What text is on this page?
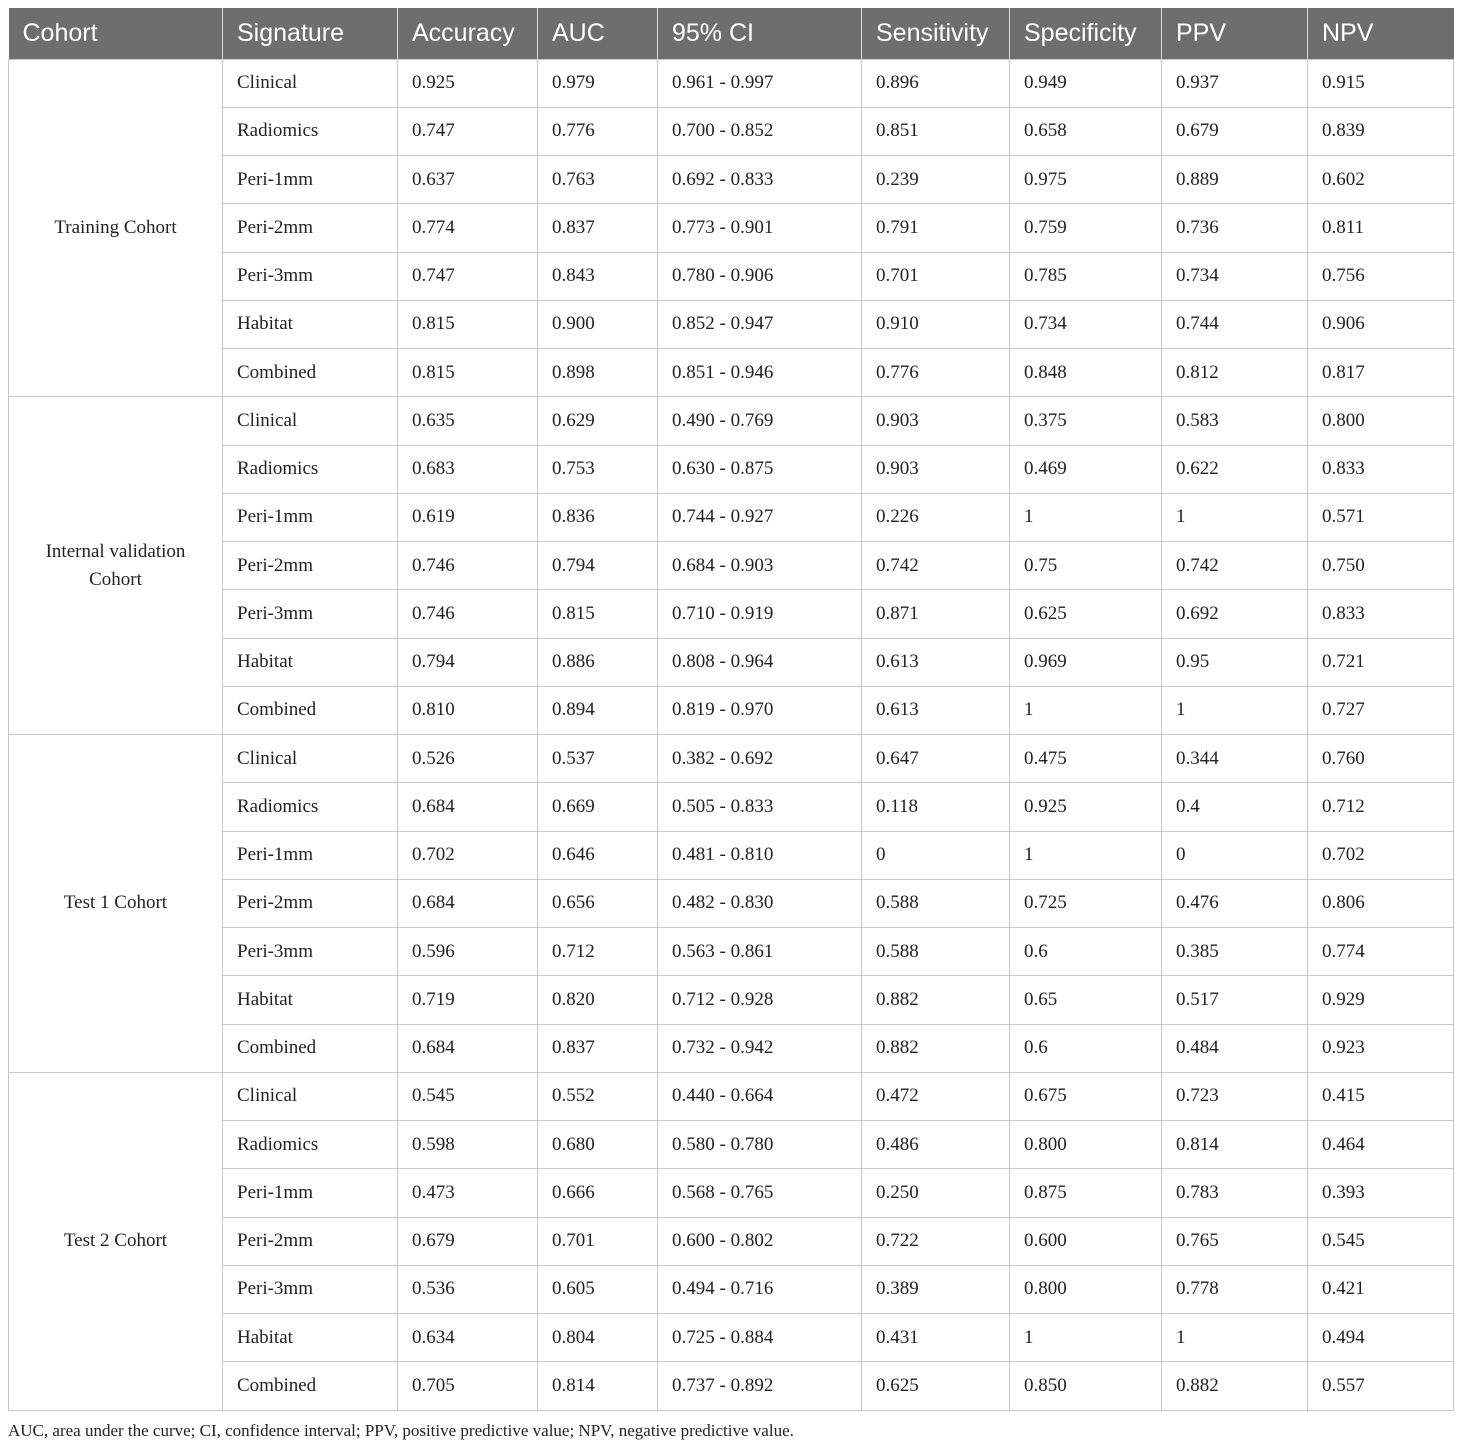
Cohort	Signature	Accuracy	AUC	95% CI	Sensitivity	Specificity	PPV	NPV
Training Cohort	Clinical	0.925	0.979	0.961 - 0.997	0.896	0.949	0.937	0.915
	Radiomics	0.747	0.776	0.700 - 0.852	0.851	0.658	0.679	0.839
	Peri-1mm	0.637	0.763	0.692 - 0.833	0.239	0.975	0.889	0.602
	Peri-2mm	0.774	0.837	0.773 - 0.901	0.791	0.759	0.736	0.811
	Peri-3mm	0.747	0.843	0.780 - 0.906	0.701	0.785	0.734	0.756
	Habitat	0.815	0.900	0.852 - 0.947	0.910	0.734	0.744	0.906
	Combined	0.815	0.898	0.851 - 0.946	0.776	0.848	0.812	0.817
Internal validation Cohort	Clinical	0.635	0.629	0.490 - 0.769	0.903	0.375	0.583	0.800
	Radiomics	0.683	0.753	0.630 - 0.875	0.903	0.469	0.622	0.833
	Peri-1mm	0.619	0.836	0.744 - 0.927	0.226	1	1	0.571
	Peri-2mm	0.746	0.794	0.684 - 0.903	0.742	0.75	0.742	0.750
	Peri-3mm	0.746	0.815	0.710 - 0.919	0.871	0.625	0.692	0.833
	Habitat	0.794	0.886	0.808 - 0.964	0.613	0.969	0.95	0.721
	Combined	0.810	0.894	0.819 - 0.970	0.613	1	1	0.727
Test 1 Cohort	Clinical	0.526	0.537	0.382 - 0.692	0.647	0.475	0.344	0.760
	Radiomics	0.684	0.669	0.505 - 0.833	0.118	0.925	0.4	0.712
	Peri-1mm	0.702	0.646	0.481 - 0.810	0	1	0	0.702
	Peri-2mm	0.684	0.656	0.482 - 0.830	0.588	0.725	0.476	0.806
	Peri-3mm	0.596	0.712	0.563 - 0.861	0.588	0.6	0.385	0.774
	Habitat	0.719	0.820	0.712 - 0.928	0.882	0.65	0.517	0.929
	Combined	0.684	0.837	0.732 - 0.942	0.882	0.6	0.484	0.923
Test 2 Cohort	Clinical	0.545	0.552	0.440 - 0.664	0.472	0.675	0.723	0.415
	Radiomics	0.598	0.680	0.580 - 0.780	0.486	0.800	0.814	0.464
	Peri-1mm	0.473	0.666	0.568 - 0.765	0.250	0.875	0.783	0.393
	Peri-2mm	0.679	0.701	0.600 - 0.802	0.722	0.600	0.765	0.545
	Peri-3mm	0.536	0.605	0.494 - 0.716	0.389	0.800	0.778	0.421
	Habitat	0.634	0.804	0.725 - 0.884	0.431	1	1	0.494
	Combined	0.705	0.814	0.737 - 0.892	0.625	0.850	0.882	0.557
AUC, area under the curve; CI, confidence interval; PPV, positive predictive value; NPV, negative predictive value.
